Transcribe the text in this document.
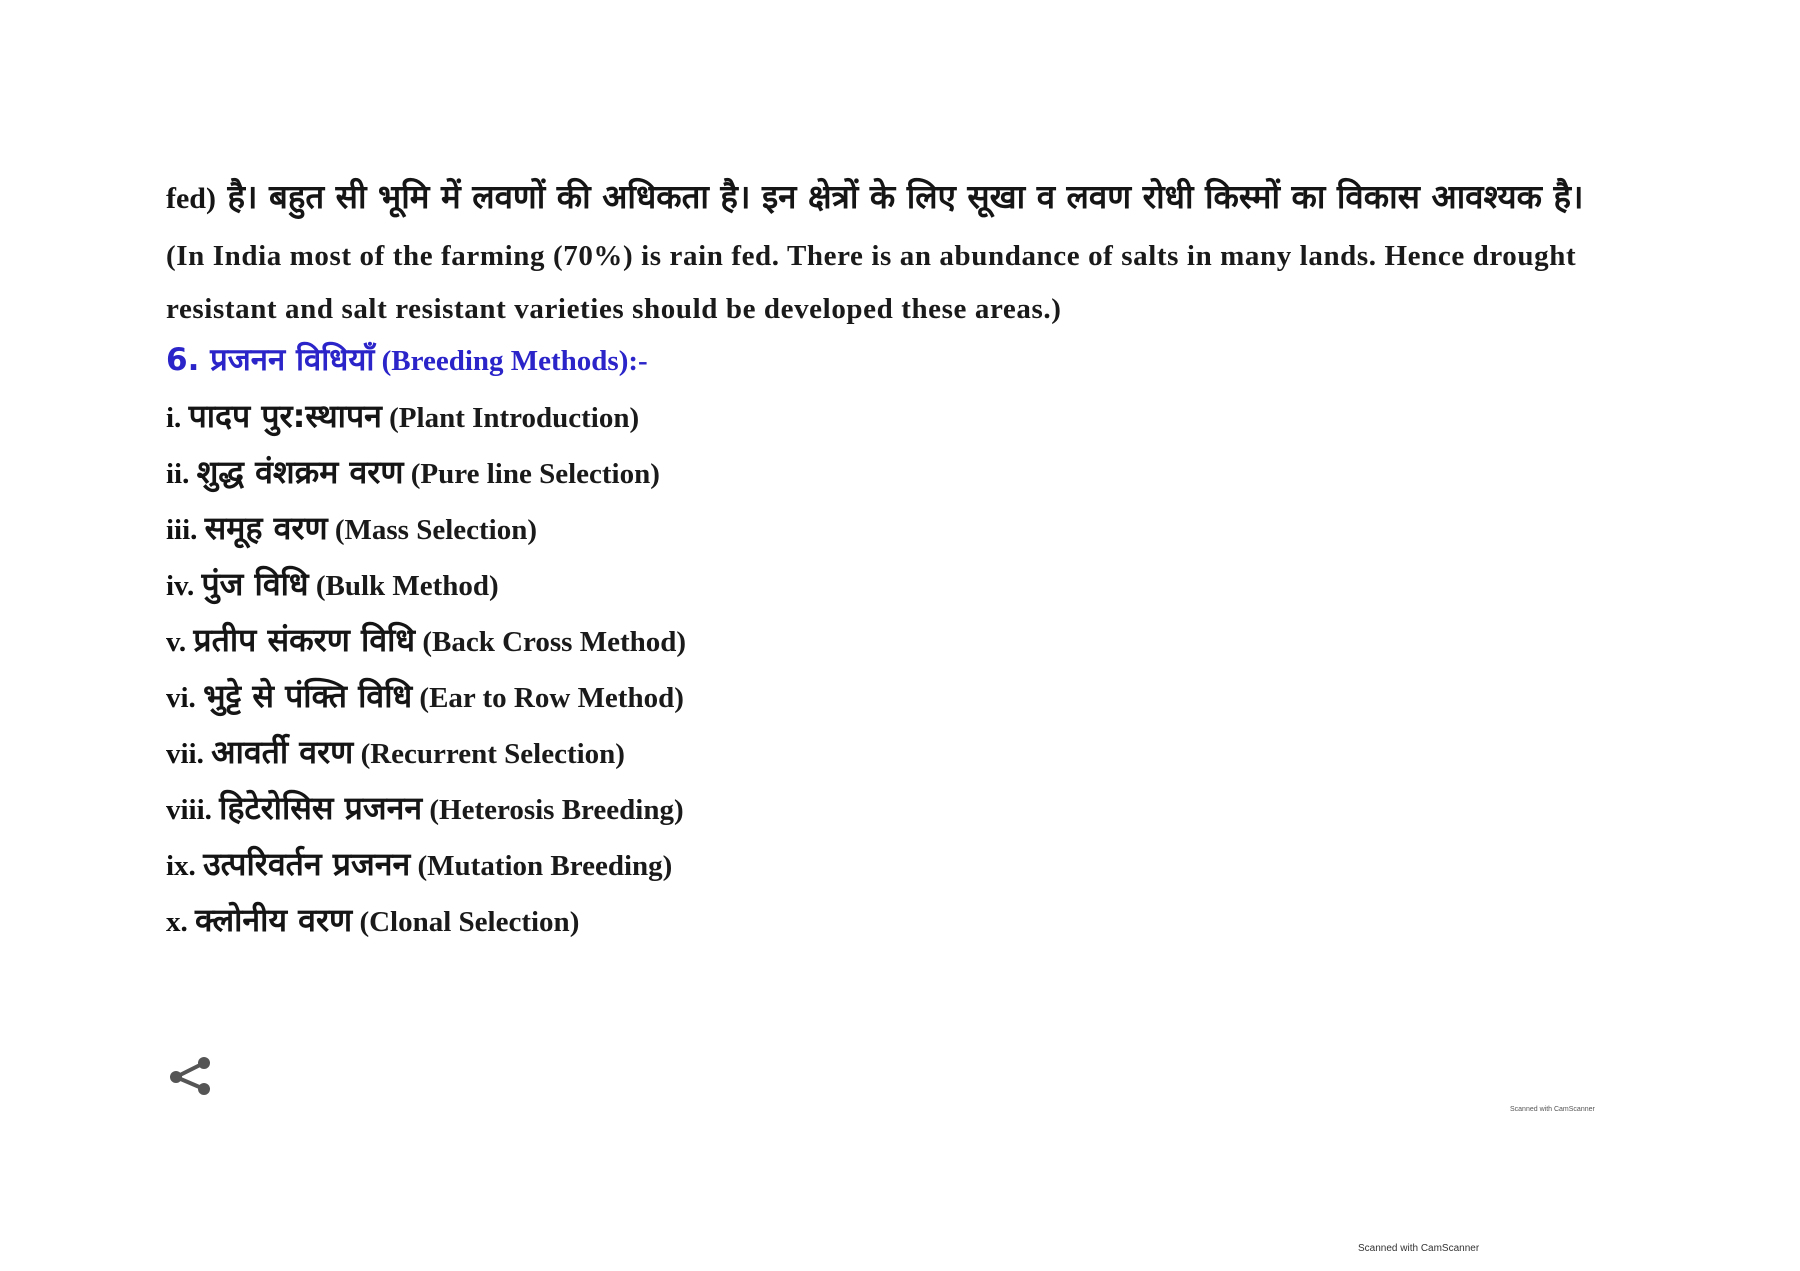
fed) है। बहुत सी भूमि में लवणों की अधिकता है। इन क्षेत्रों के लिए सूखा व लवण रोधी किस्मों का विकास आवश्यक है।

(In India most of the farming (70%) is rain fed. There is an abundance of salts in many lands. Hence drought resistant and salt resistant varieties should be developed these areas.)

6. प्रजनन विधियाँ (Breeding Methods):-
i. पादप पुर:स्थापन (Plant Introduction)
ii. शुद्ध वंशक्रम वरण (Pure line Selection)
iii. समूह वरण (Mass Selection)
iv. पुंज विधि (Bulk Method)
v. प्रतीप संकरण विधि (Back Cross Method)
vi. भुट्टे से पंक्ति विधि (Ear to Row Method)
vii. आवर्ती वरण (Recurrent Selection)
viii. हिटेरोसिस प्रजनन (Heterosis Breeding)
ix. उत्परिवर्तन प्रजनन (Mutation Breeding)
x. क्लोनीय वरण (Clonal Selection)
Scanned with CamScanner
Scanned with CamScanner
